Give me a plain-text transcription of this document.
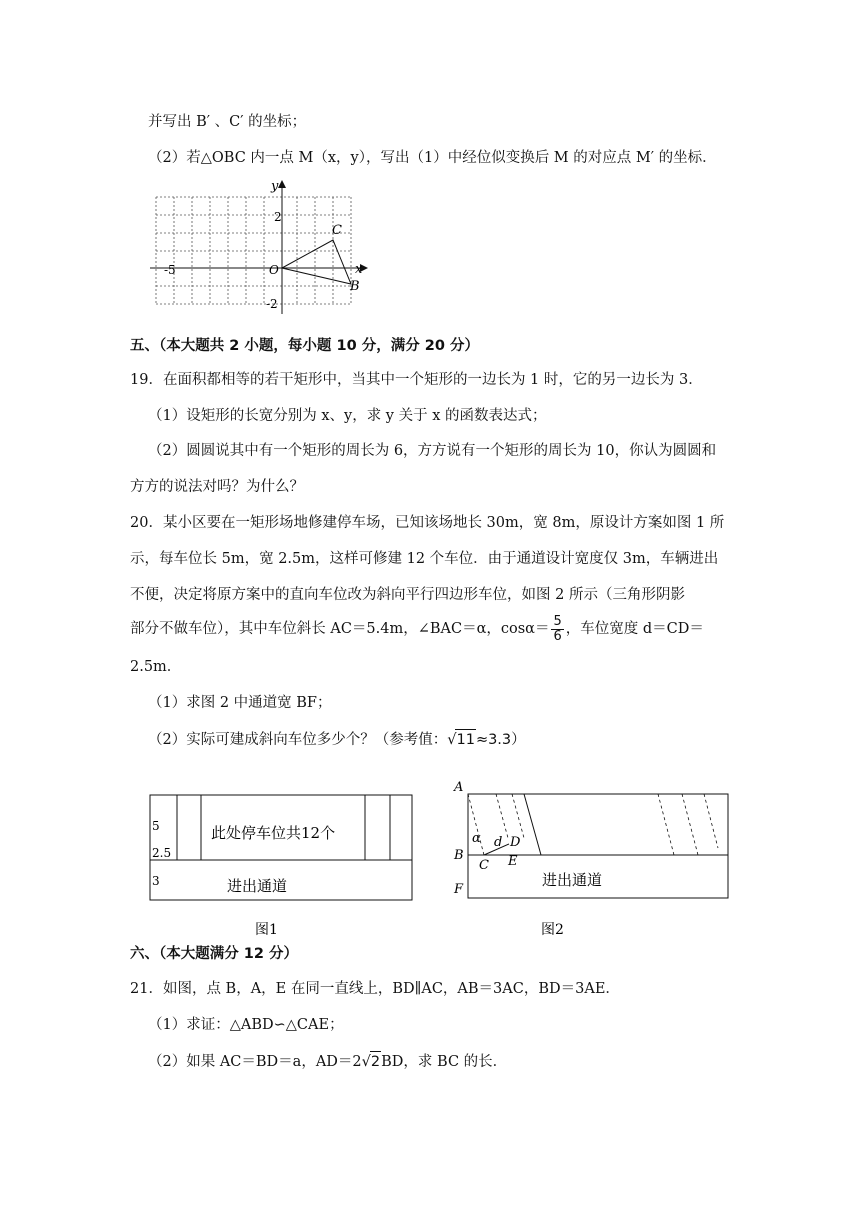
并写出 B′ 、C′ 的坐标；
（2）若△OBC 内一点 M（x，y），写出（1）中经位似变换后 M 的对应点 M′ 的坐标．
y
x
2
-5	O
-2
C
B
五、（本大题共 2 小题，每小题 10 分，满分 20 分）
19．在面积都相等的若干矩形中，当其中一个矩形的一边长为 1 时，它的另一边长为 3．
（1）设矩形的长宽分别为 x、y，求 y 关于 x 的函数表达式；
（2）圆圆说其中有一个矩形的周长为 6，方方说有一个矩形的周长为 10，你认为圆圆和
方方的说法对吗？为什么？
20．某小区要在一矩形场地修建停车场，已知该场地长 30m，宽 8m，原设计方案如图 1 所
示，每车位长 5m，宽 2.5m，这样可修建 12 个车位．由于通道设计宽度仅 3m，车辆进出
不便，决定将原方案中的直向车位改为斜向平行四边形车位，如图 2 所示（三角形阴影
部分不做车位），其中车位斜长 AC＝5.4m，∠BAC＝α，$\cos\alpha= \frac{5}{6}$ ，车位宽度 d＝CD＝
2.5m．
（1）求图 2 中通道宽 BF；
（2）实际可建成斜向车位多少个？（参考值：√11≈3.3）
5
2.5
3
此处停车位共12个
进出通道
图1
A
α d D
B
C E
F
进出通道
图2
六、（本大题满分 12 分）
21．如图，点 B，A，E 在同一直线上，BD∥AC，AB＝3AC，BD＝3AE．
（1）求证：△ABD∽△CAE；
（2）如果 AC＝BD＝a，AD＝2√2BD，求 BC 的长．
